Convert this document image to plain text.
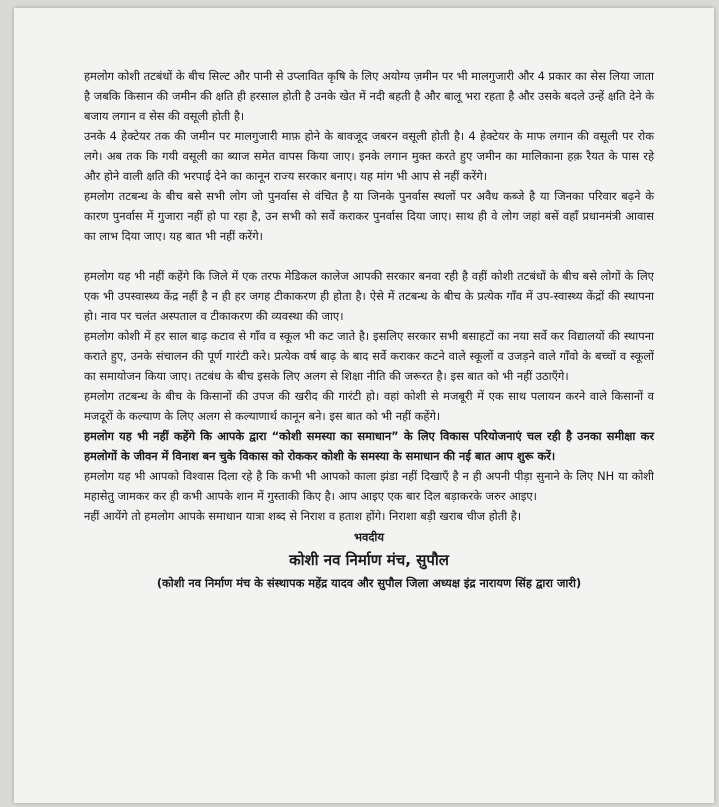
हमलोग कोशी तटबंधों के बीच सिल्ट और पानी से उप्लावित कृषि के लिए अयोग्य ज़मीन पर भी मालगुजारी और 4 प्रकार का सेस लिया जाता है जबकि किसान की जमीन की क्षति ही हरसाल होती है उनके खेत में नदी बहती है और बालू भरा रहता है और उसके बदले उन्हें क्षति देने के बजाय लगान व सेस की वसूली होती है।

उनके 4 हेक्टेयर तक की जमीन पर मालगुजारी माफ़ होने के बावजूद जबरन वसूली होती है। 4 हेक्टेयर के माफ लगान की वसूली पर रोक लगे। अब तक कि गयी वसूली का ब्याज समेत वापस किया जाए। इनके लगान मुक्त करते हुए जमीन का मालिकाना हक़ रैयत के पास रहे और होने वाली क्षति की भरपाई देने का कानून राज्य सरकार बनाए। यह मांग भी आप से नहीं करेंगे।

हमलोग तटबन्ध के बीच बसे सभी लोग जो पुनर्वास से वंचित है या जिनके पुनर्वास स्थलों पर अवैध कब्जे है या जिनका परिवार बढ़ने के कारण पुनर्वास में गुजारा नहीं हो पा रहा है, उन सभी को सर्वे कराकर पुनर्वास दिया जाए। साथ ही वे लोग जहां बसें वहाँ प्रधानमंत्री आवास का लाभ दिया जाए। यह बात भी नहीं करेंगे।

हमलोग यह भी नहीं कहेंगे कि जिले में एक तरफ मेडिकल कालेज आपकी सरकार बनवा रही है वहीं कोशी तटबंधों के बीच बसे लोगों के लिए एक भी उपस्वास्थ्य केंद्र नहीं है न ही हर जगह टीकाकरण ही होता है। ऐसे में तटबन्ध के बीच के प्रत्येक गाँव में उप-स्वास्थ्य केंद्रों की स्थापना हो। नाव पर चलंत अस्पताल व टीकाकरण की व्यवस्था की जाए।

हमलोग कोशी में हर साल बाढ़ कटाव से गाँव व स्कूल भी कट जाते है। इसलिए सरकार सभी बसाहटों का नया सर्वे कर विद्यालयों की स्थापना कराते हुए, उनके संचालन की पूर्ण गारंटी करे। प्रत्येक वर्ष बाढ़ के बाद सर्वे कराकर कटने वाले स्कूलों व उजड़ने वाले गाँवो के बच्चों व स्कूलों का समायोजन किया जाए। तटबंध के बीच इसके लिए अलग से शिक्षा नीति की जरूरत है। इस बात को भी नहीं उठाएँगे।

हमलोग तटबन्ध के बीच के किसानों की उपज की खरीद की गारंटी हो। वहां कोशी से मजबूरी में एक साथ पलायन करने वाले किसानों व मजदूरों के कल्याण के लिए अलग से कल्याणार्थ कानून बने। इस बात को भी नहीं कहेंगे।

हमलोग यह भी नहीं कहेंगे कि आपके द्वारा “कोशी समस्या का समाधान” के लिए विकास परियोजनाएं चल रही है उनका समीक्षा कर हमलोगों के जीवन में विनाश बन चुके विकास को रोककर कोशी के समस्या के समाधान की नई बात आप शुरू करें।

हमलोग यह भी आपको विश्वास दिला रहे है कि कभी भी आपको काला झंडा नहीं दिखाएँ है न ही अपनी पीड़ा सुनाने के लिए NH या कोशी महासेतु जामकर कर ही कभी आपके शान में गुस्ताकी किए है। आप आइए एक बार दिल बड़ाकरके जरुर आइए।

नहीं आयेंगे तो हमलोग आपके समाधान यात्रा शब्द से निराश व हताश होंगे। निराशा बड़ी खराब चीज होती है।

भवदीय
कोशी नव निर्माण मंच, सुपौल
(कोशी नव निर्माण मंच के संस्थापक महेंद्र यादव और सुपौल जिला अध्यक्ष इंद्र नारायण सिंह द्वारा जारी)
